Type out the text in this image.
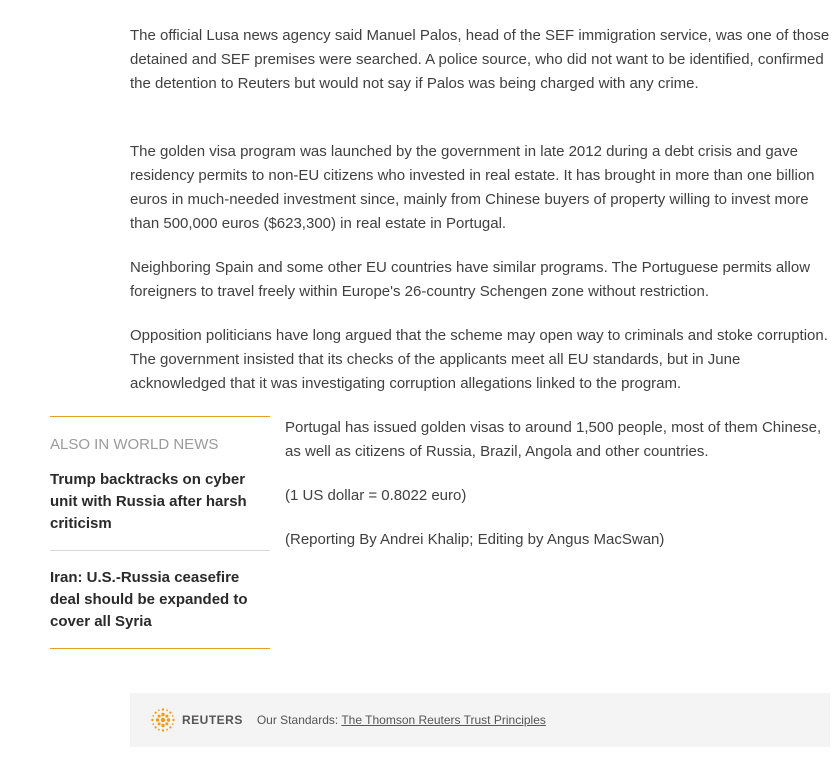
The official Lusa news agency said Manuel Palos, head of the SEF immigration service, was one of those detained and SEF premises were searched. A police source, who did not want to be identified, confirmed the detention to Reuters but would not say if Palos was being charged with any crime.

The golden visa program was launched by the government in late 2012 during a debt crisis and gave residency permits to non-EU citizens who invested in real estate. It has brought in more than one billion euros in much-needed investment since, mainly from Chinese buyers of property willing to invest more than 500,000 euros ($623,300) in real estate in Portugal.

Neighboring Spain and some other EU countries have similar programs. The Portuguese permits allow foreigners to travel freely within Europe's 26-country Schengen zone without restriction.

Opposition politicians have long argued that the scheme may open way to criminals and stoke corruption. The government insisted that its checks of the applicants meet all EU standards, but in June acknowledged that it was investigating corruption allegations linked to the program.

ALSO IN WORLD NEWS
Trump backtracks on cyber unit with Russia after harsh criticism
Iran: U.S.-Russia ceasefire deal should be expanded to cover all Syria

Portugal has issued golden visas to around 1,500 people, most of them Chinese, as well as citizens of Russia, Brazil, Angola and other countries.

(1 US dollar = 0.8022 euro)

(Reporting By Andrei Khalip; Editing by Angus MacSwan)

REUTERS Our Standards: The Thomson Reuters Trust Principles
